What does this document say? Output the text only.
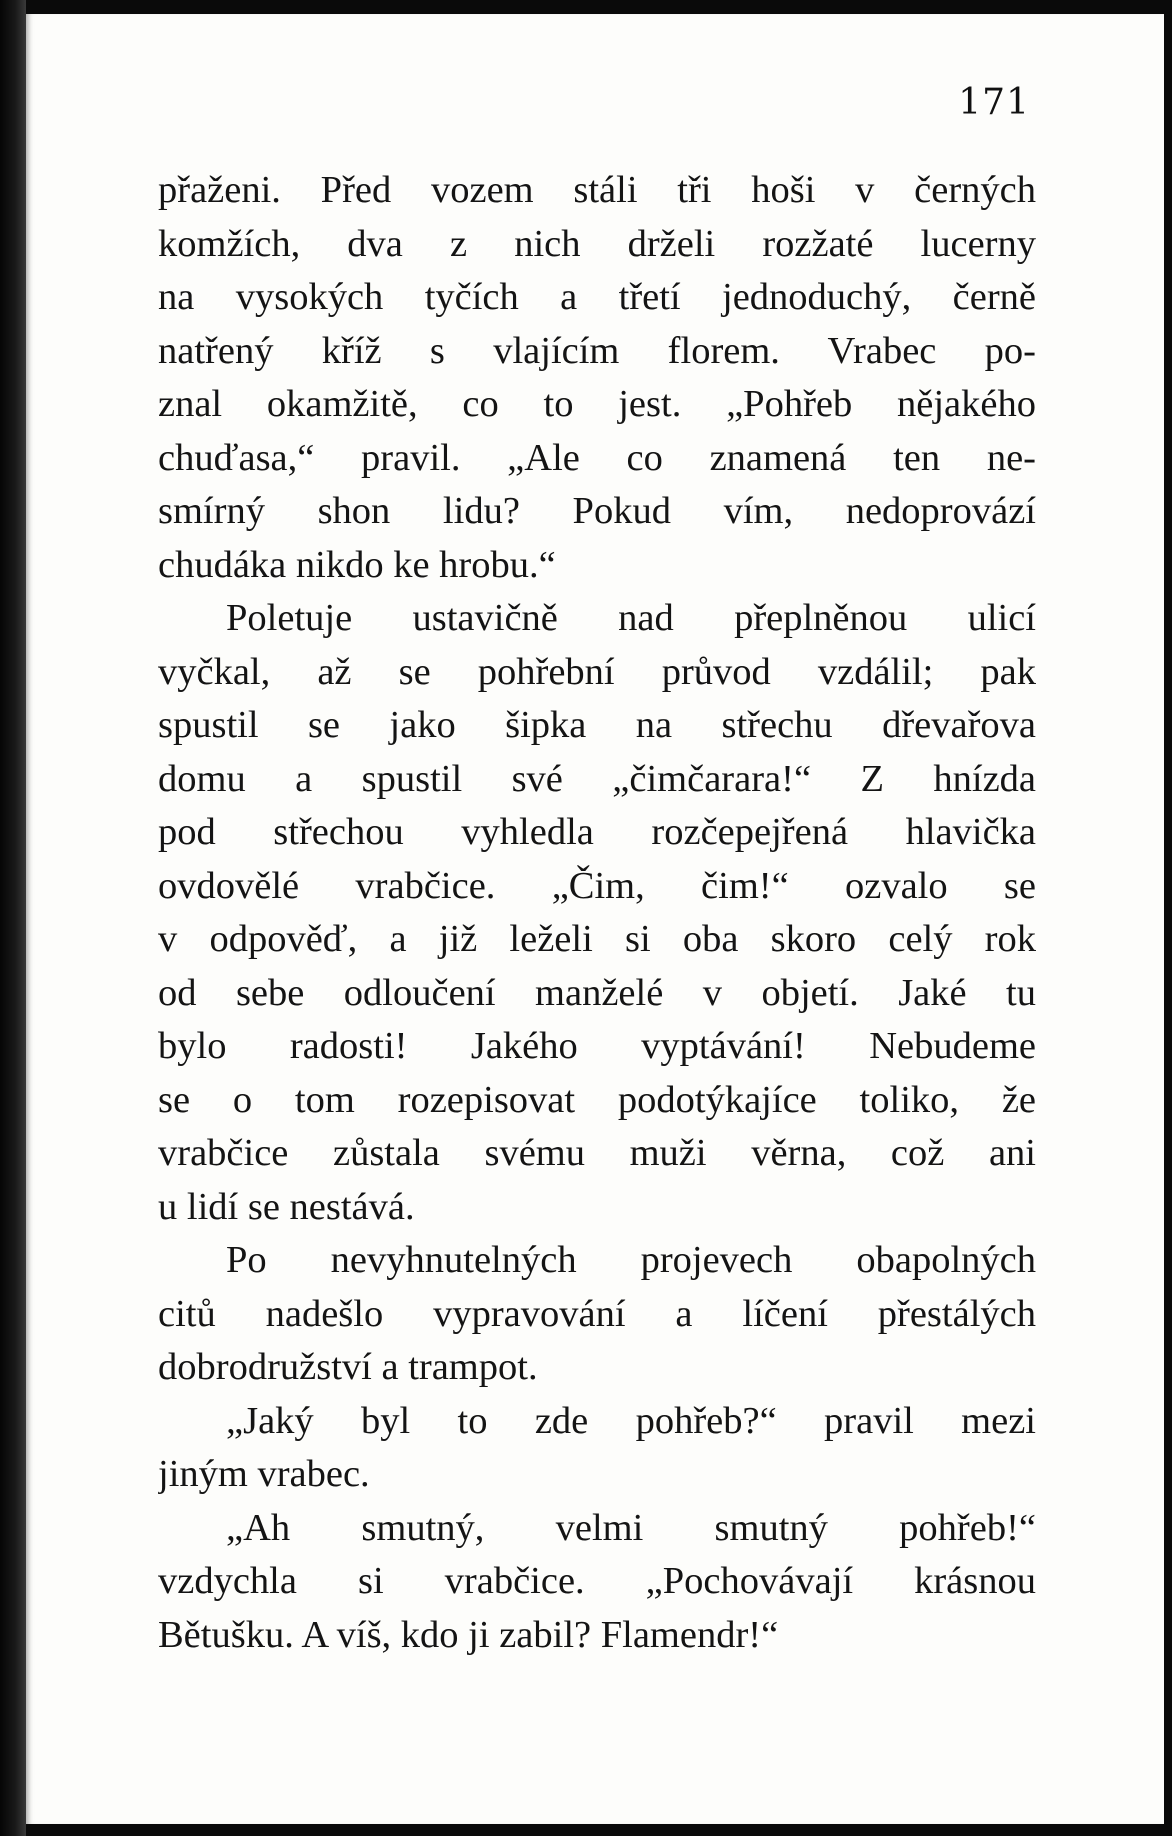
171
přaženi. Před vozem stáli tři hoši v černých
komžích, dva z nich drželi rozžaté lucerny
na vysokých tyčích a třetí jednoduchý, černě
natřený kříž s vlajícím florem. Vrabec po-
znal okamžitě, co to jest. „Pohřeb nějakého
chuďasa,“ pravil. „Ale co znamená ten ne-
smírný shon lidu? Pokud vím, nedoprovází
chudáka nikdo ke hrobu.“
Poletuje ustavičně nad přeplněnou ulicí
vyčkal, až se pohřební průvod vzdálil; pak
spustil se jako šipka na střechu dřevařova
domu a spustil své „čimčarara!“ Z hnízda
pod střechou vyhledla rozčepejřená hlavička
ovdovělé vrabčice. „Čim, čim!“ ozvalo se
v odpověď, a již leželi si oba skoro celý rok
od sebe odloučení manželé v objetí. Jaké tu
bylo radosti! Jakého vyptávání! Nebudeme
se o tom rozepisovat podotýkajíce toliko, že
vrabčice zůstala svému muži věrna, což ani
u lidí se nestává.
Po nevyhnutelných projevech obapolných
citů nadešlo vypravování a líčení přestálých
dobrodružství a trampot.
„Jaký byl to zde pohřeb?“ pravil mezi
jiným vrabec.
„Ah smutný, velmi smutný pohřeb!“
vzdychla si vrabčice. „Pochovávají krásnou
Bětušku. A víš, kdo ji zabil? Flamendr!“
